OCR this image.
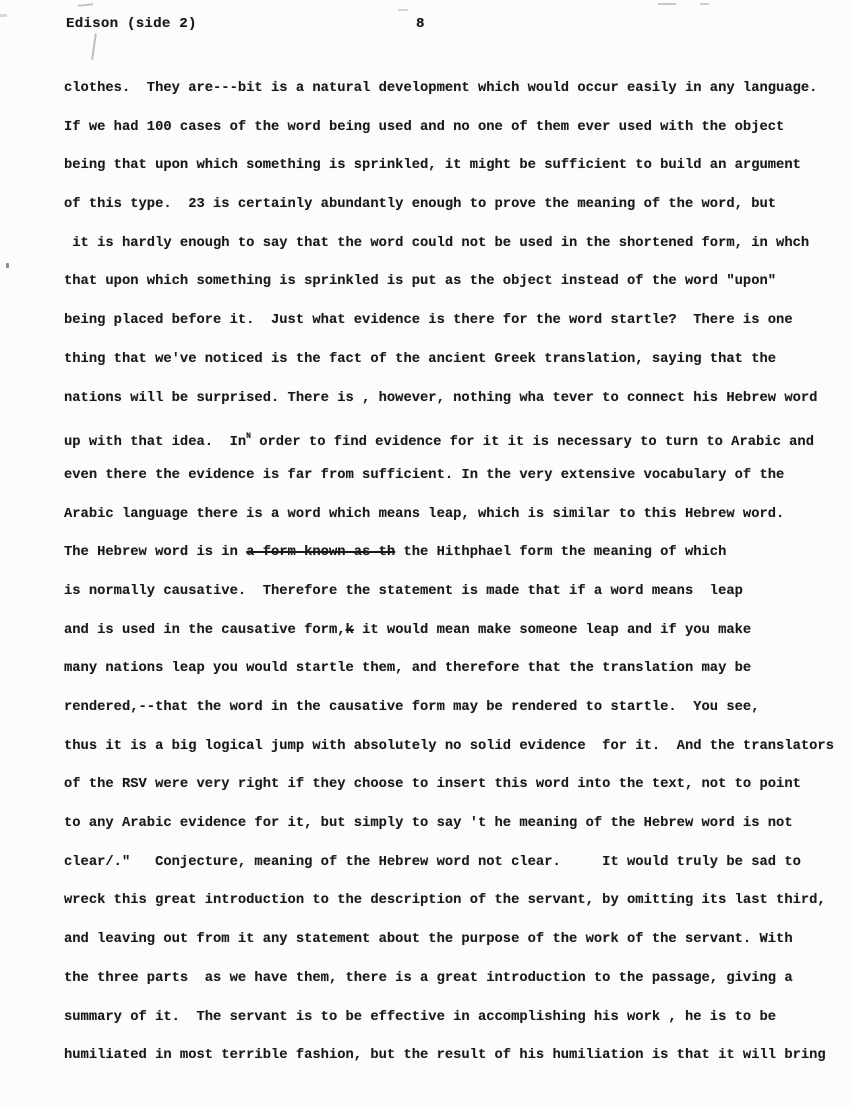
Edison (side 2)	8
clothes.  They are---bit is a natural development which would occur easily in any language.
If we had 100 cases of the word being used and no one of them ever used with the object
being that upon which something is sprinkled, it might be sufficient to build an argument
of this type.  23 is certainly abundantly enough to prove the meaning of the word, but
it is hardly enough to say that the word could not be used in the shortened form, in whch
that upon which something is sprinkled is put as the object instead of the word "upon"
being placed before it.  Just what evidence is there for the word startle?  There is one
thing that we've noticed is the fact of the ancient Greek translation, saying that the
nations will be surprised. There is , however, nothing wha tever to connect his Hebrew word
up with that idea.  $In^N$ order to find evidence for it it is necessary to turn to Arabic and
even there the evidence is far from sufficient. In the very extensive vocabulary of the
Arabic language there is a word which means leap, which is similar to this Hebrew word.
The Hebrew word is in a form known as th the Hithphael form the meaning of which
is normally causative.  Therefore the statement is made that if a word means  leap
and is used in the causative form,k it would mean make someone leap and if you make
many nations leap you would startle them, and therefore that the translation may be
rendered,--that the word in the causative form may be rendered to startle.  You see,
thus it is a big logical jump with absolutely no solid evidence  for it.  And the translators
of the RSV were very right if they choose to insert this word into the text, not to point
to any Arabic evidence for it, but simply to say 't he meaning of the Hebrew word is not
clear/."   Conjecture, meaning of the Hebrew word not clear.     It would truly be sad to
wreck this great introduction to the description of the servant, by omitting its last third,
and leaving out from it any statement about the purpose of the work of the servant. With
the three parts  as we have them, there is a great introduction to the passage, giving a
summary of it.  The servant is to be effective in accomplishing his work , he is to be
humiliated in most terrible fashion, but the result of his humiliation is that it will bring
